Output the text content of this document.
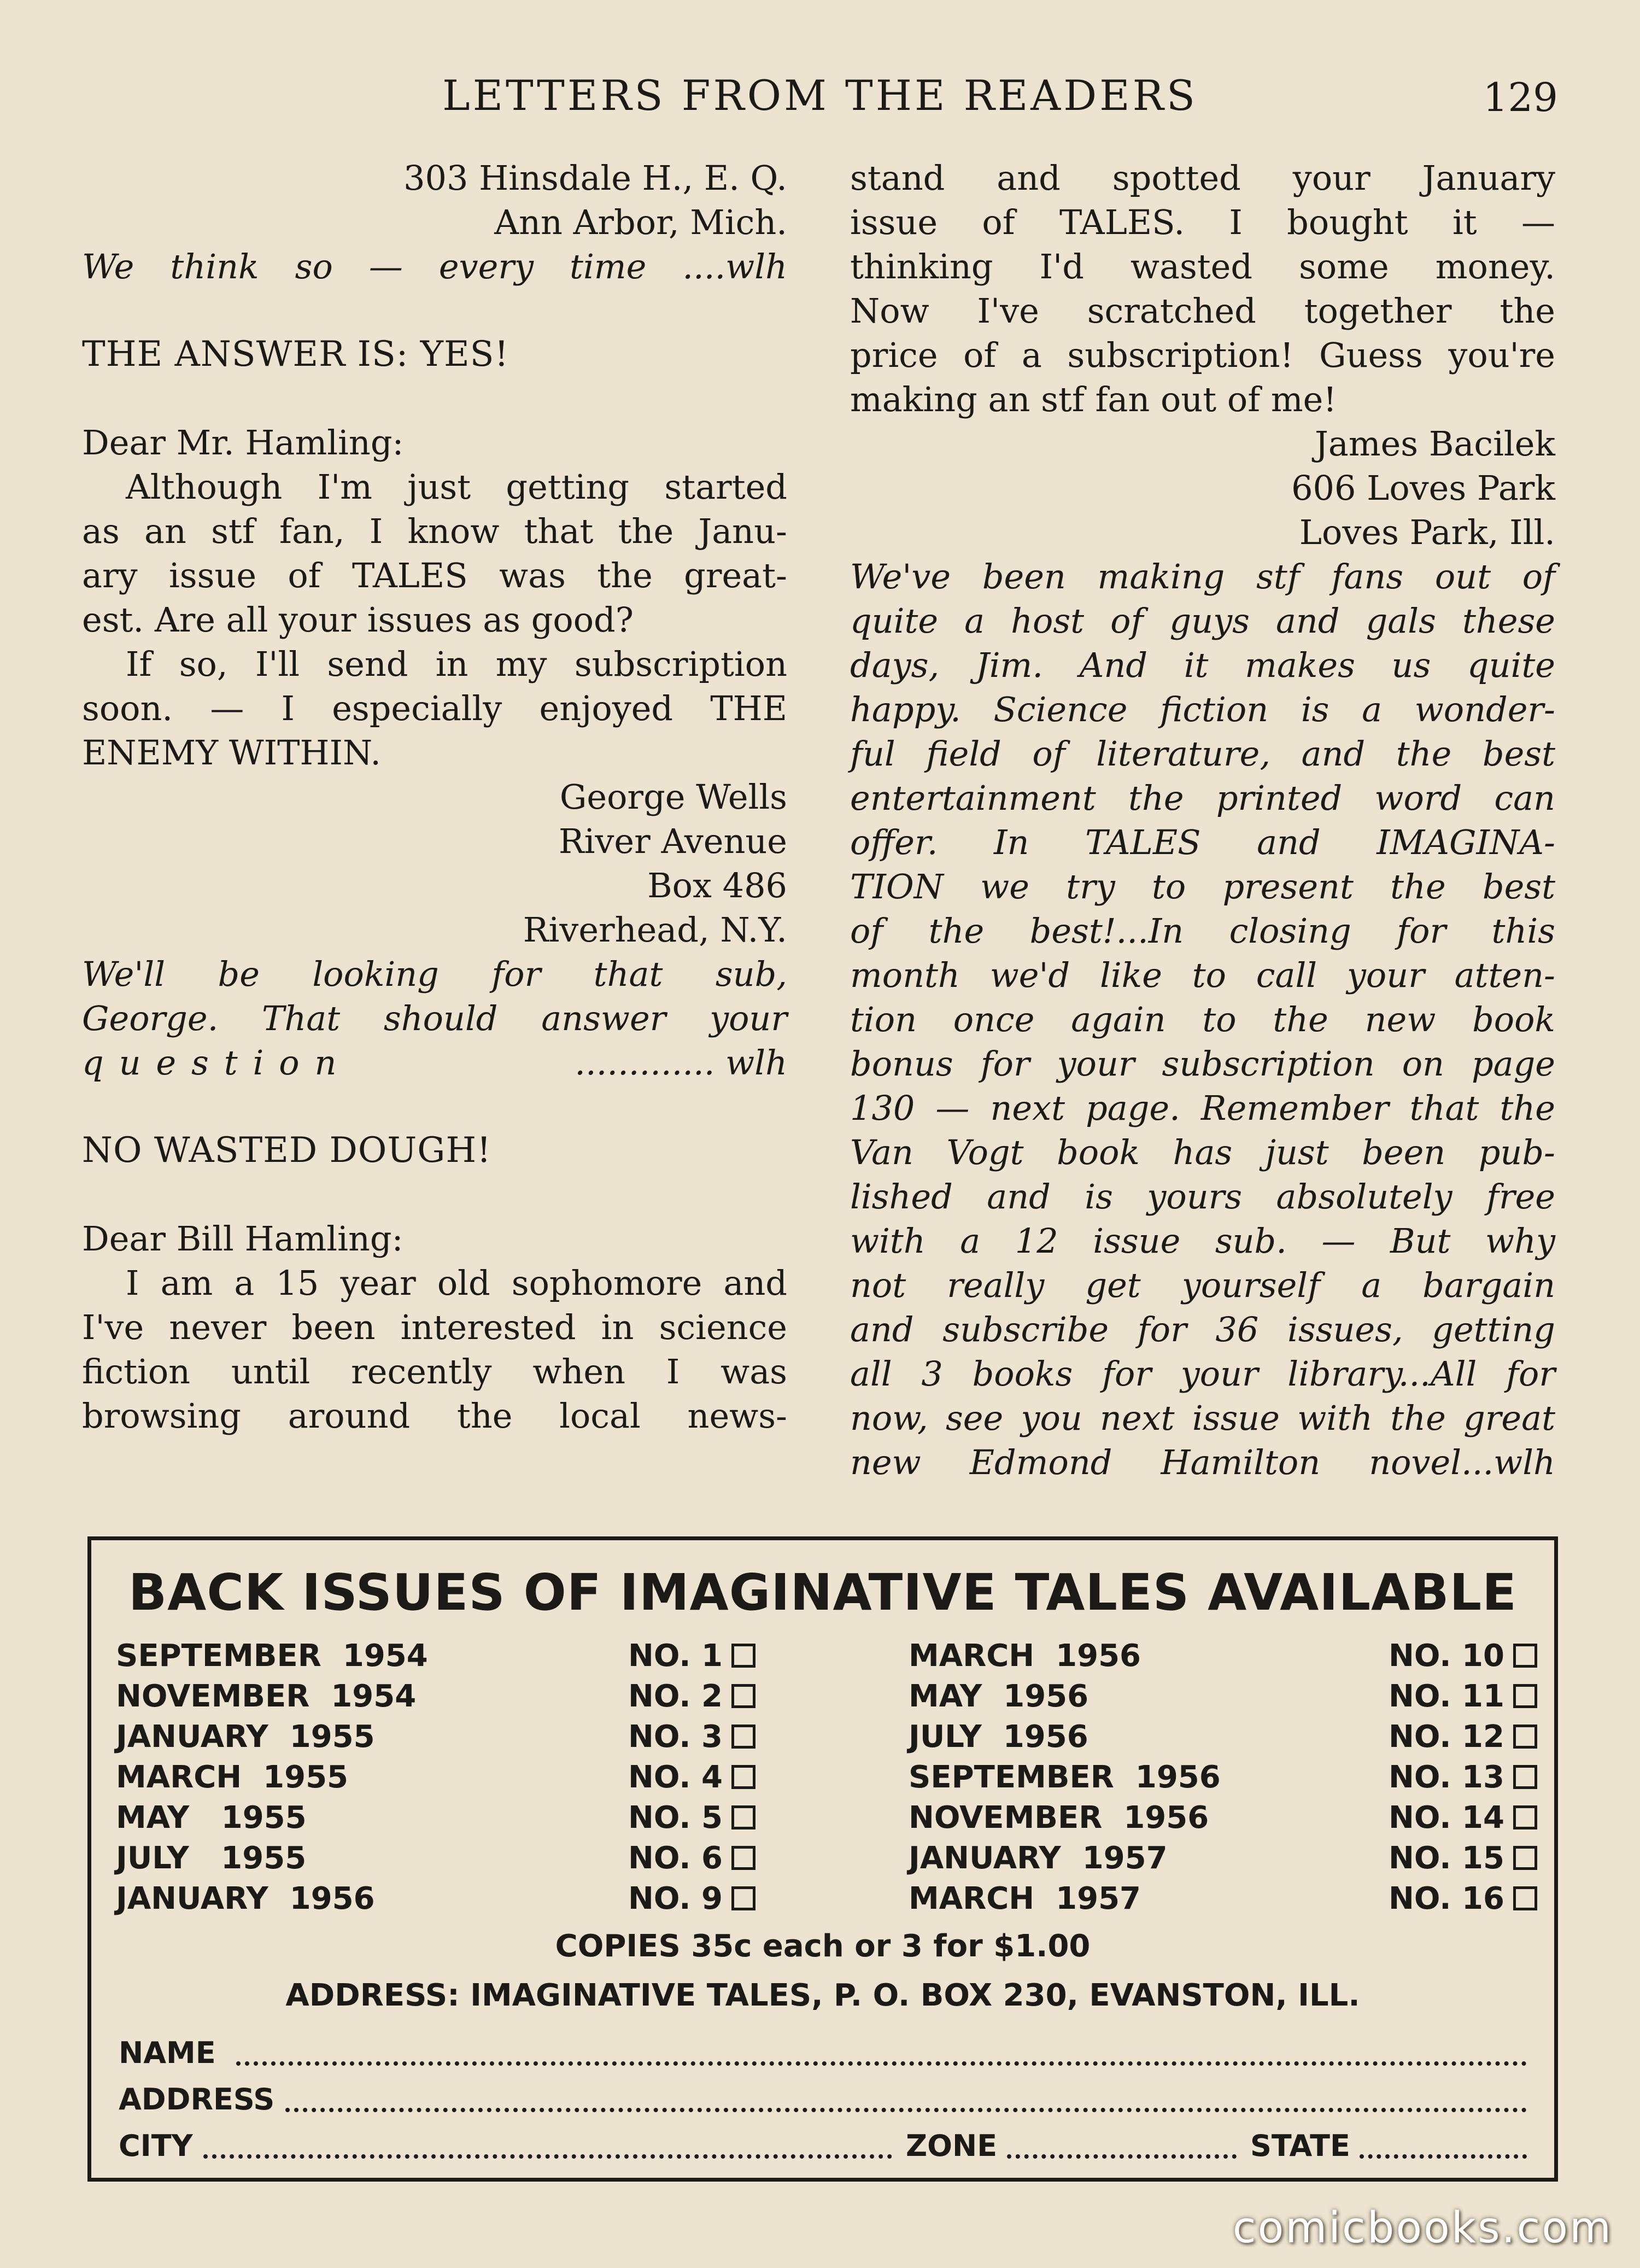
LETTERS FROM THE READERS	129
303 Hinsdale H., E. Q.
Ann Arbor, Mich.
We think so — every time ....wlh
THE ANSWER IS: YES!
Dear Mr. Hamling:
Although I'm just getting started
as an stf fan, I know that the Janu-
ary issue of TALES was the great-
est. Are all your issues as good?
If so, I'll send in my subscription
soon. — I especially enjoyed THE
ENEMY WITHIN.
George Wells
River Avenue
Box 486
Riverhead, N.Y.
We'll be looking for that sub,
George. That should answer your
question	............. wlh
NO WASTED DOUGH!
Dear Bill Hamling:
I am a 15 year old sophomore and
I've never been interested in science
fiction until recently when I was
browsing around the local news-
stand and spotted your January
issue of TALES. I bought it —
thinking I'd wasted some money.
Now I've scratched together the
price of a subscription! Guess you're
making an stf fan out of me!
James Bacilek
606 Loves Park
Loves Park, Ill.
We've been making stf fans out of
quite a host of guys and gals these
days, Jim. And it makes us quite
happy. Science fiction is a wonder-
ful field of literature, and the best
entertainment the printed word can
offer. In TALES and IMAGINA-
TION we try to present the best
of the best!...In closing for this
month we'd like to call your atten-
tion once again to the new book
bonus for your subscription on page
130 — next page. Remember that the
Van Vogt book has just been pub-
lished and is yours absolutely free
with a 12 issue sub. — But why
not really get yourself a bargain
and subscribe for 36 issues, getting
all 3 books for your library...All for
now, see you next issue with the great
new Edmond Hamilton novel...wlh
BACK ISSUES OF IMAGINATIVE TALES AVAILABLE
SEPTEMBER  1954	NO. 1
NOVEMBER  1954	NO. 2
JANUARY  1955	NO. 3
MARCH  1955	NO. 4
MAY   1955	NO. 5
JULY   1955	NO. 6
JANUARY  1956	NO. 9
MARCH  1956	NO. 10
MAY  1956	NO. 11
JULY  1956	NO. 12
SEPTEMBER  1956	NO. 13
NOVEMBER  1956	NO. 14
JANUARY  1957	NO. 15
MARCH  1957	NO. 16
COPIES 35c each or 3 for $1.00
ADDRESS: IMAGINATIVE TALES, P. O. BOX 230, EVANSTON, ILL.
NAME
ADDRESS
CITY	ZONE	STATE
comicbooks.com
